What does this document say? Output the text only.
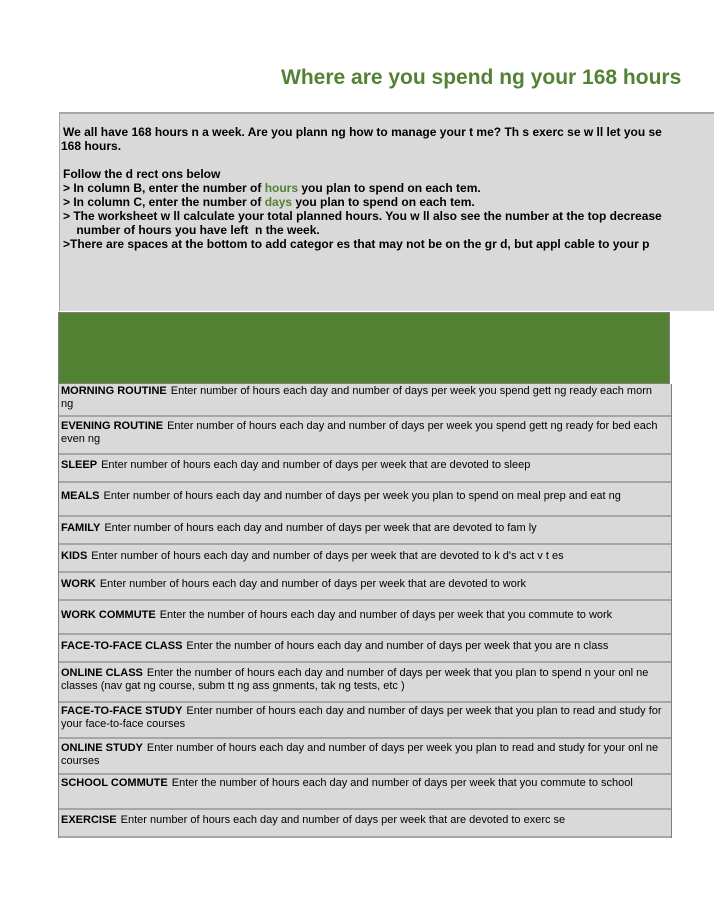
Where are you spend ng your 168 hours
We all have 168 hours n a week. Are you plann ng how to manage your t me? Th s exerc se w ll let you se
168 hours.
Follow the d rect ons below
> In column B, enter the number of hours you plan to spend on each tem.
> In column C, enter the number of days you plan to spend on each tem.
> The worksheet w ll calculate your total planned hours. You w ll also see the number at the top decrease
number of hours you have left  n the week.
>There are spaces at the bottom to add categor es that may not be on the gr d, but appl cable to your p
MORNING ROUTINE Enter number of hours each day and number of days per week you spend gett ng ready each morn ng
EVENING ROUTINE Enter number of hours each day and number of days per week you spend gett ng ready for bed each even ng
SLEEP Enter number of hours each day and number of days per week that are devoted to sleep
MEALS Enter number of hours each day and number of days per week you plan to spend on meal prep and eat ng
FAMILY Enter number of hours each day and number of days per week that are devoted to fam ly
KIDS Enter number of hours each day and number of days per week that are devoted to k d's act v t es
WORK Enter number of hours each day and number of days per week that are devoted to work
WORK COMMUTE Enter the number of hours each day and number of days per week that you commute to work
FACE-TO-FACE CLASS Enter the number of hours each day and number of days per week that you are n class
ONLINE CLASS Enter the number of hours each day and number of days per week that you plan to spend n your onl ne classes (nav gat ng course, subm tt ng ass gnments, tak ng tests, etc )
FACE-TO-FACE STUDY Enter number of hours each day and number of days per week that you plan to read and study for your face-to-face courses
ONLINE STUDY Enter number of hours each day and number of days per week you plan to read and study for your onl ne courses
SCHOOL COMMUTE Enter the number of hours each day and number of days per week that you commute to school
EXERCISE Enter number of hours each day and number of days per week that are devoted to exerc se
